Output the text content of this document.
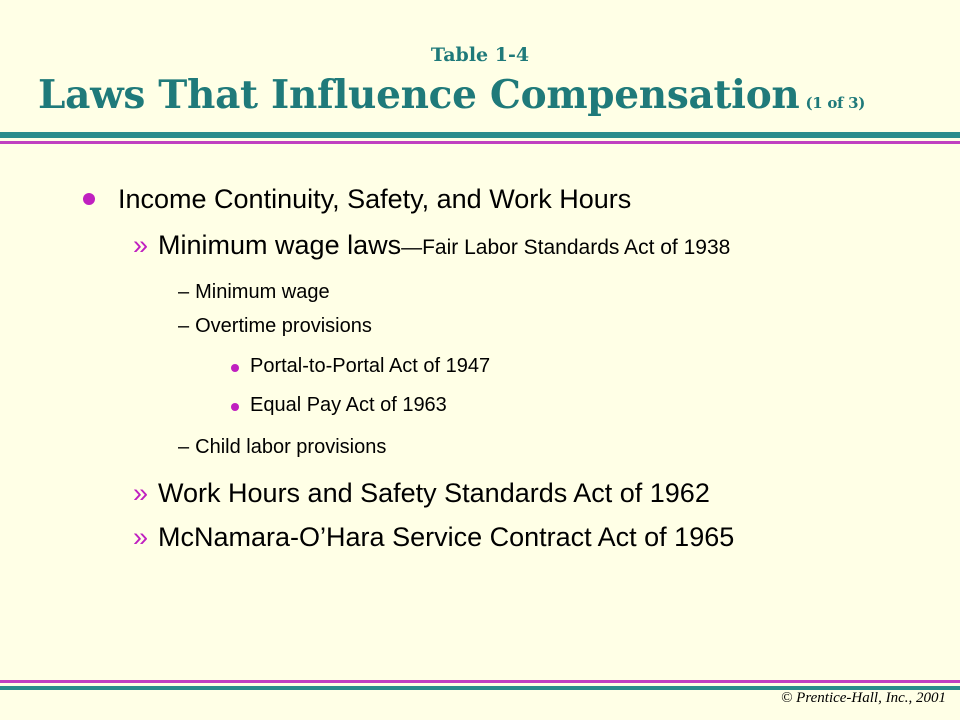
Table 1-4
Laws That Influence Compensation (1 of 3)
Income Continuity, Safety, and Work Hours
» Minimum wage laws—Fair Labor Standards Act of 1938
– Minimum wage
– Overtime provisions
Portal-to-Portal Act of 1947
Equal Pay Act of 1963
– Child labor provisions
» Work Hours and Safety Standards Act of 1962
» McNamara-O’Hara Service Contract Act of 1965
© Prentice-Hall, Inc., 2001
